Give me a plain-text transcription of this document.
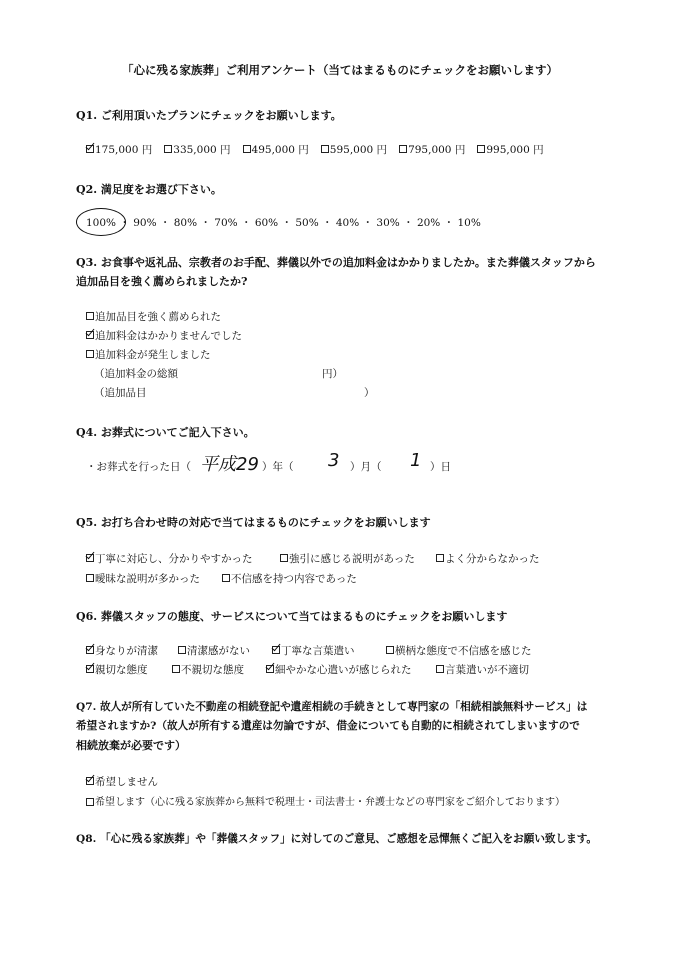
「心に残る家族葬」ご利用アンケート（当てはまるものにチェックをお願いします）
Q1. ご利用頂いたプランにチェックをお願いします。
175,000 円 335,000 円 495,000 円 595,000 円 795,000 円 995,000 円
Q2. 満足度をお選び下さい。
100% ・ 90% ・ 80% ・ 70% ・ 60% ・ 50% ・ 40% ・ 30% ・ 20% ・ 10%
Q3. お食事や返礼品、宗教者のお手配、葬儀以外での追加料金はかかりましたか。また葬儀スタッフから
追加品目を強く薦められましたか?
追加品目を強く薦められた
追加料金はかかりませんでした
追加料金が発生しました
（追加料金の総額	円）
（追加品目	）
Q4. お葬式についてご記入下さい。
・お葬式を行った日（ 平成29 ）年（ 3 ）月（ 1 ）日
Q5. お打ち合わせ時の対応で当てはまるものにチェックをお願いします
丁寧に対応し、分かりやすかった	強引に感じる説明があった	よく分からなかった
曖昧な説明が多かった	不信感を持つ内容であった
Q6. 葬儀スタッフの態度、サービスについて当てはまるものにチェックをお願いします
身なりが清潔	清潔感がない	丁寧な言葉遣い	横柄な態度で不信感を感じた
親切な態度	不親切な態度	細やかな心遣いが感じられた	言葉遣いが不適切
Q7. 故人が所有していた不動産の相続登記や遺産相続の手続きとして専門家の「相続相談無料サービス」は
希望されますか?（故人が所有する遺産は勿論ですが、借金についても自動的に相続されてしまいますので
相続放棄が必要です）
希望しません
希望します（心に残る家族葬から無料で税理士・司法書士・弁護士などの専門家をご紹介しております）
Q8. 「心に残る家族葬」や「葬儀スタッフ」に対してのご意見、ご感想を忌憚無くご記入をお願い致します。
